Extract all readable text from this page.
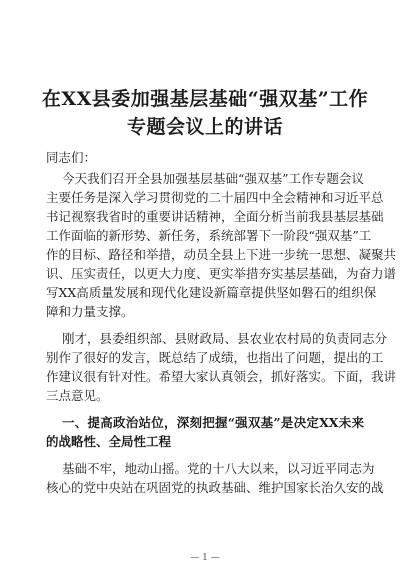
在XX县委加强基层基础“强双基”工作
专题会议上的讲话
同志们：
今天我们召开全县加强基层基础“强双基”工作专题会议
主要任务是深入学习贯彻党的二十届四中全会精神和习近平总
书记视察我省时的重要讲话精神，全面分析当前我县基层基础
工作面临的新形势、新任务，系统部署下一阶段“强双基”工
作的目标、路径和举措，动员全县上下进一步统一思想、凝聚共
识、压实责任，以更大力度、更实举措夯实基层基础，为奋力谱
写XX高质量发展和现代化建设新篇章提供坚如磐石的组织保
障和力量支撑。
刚才，县委组织部、县财政局、县农业农村局的负责同志分
别作了很好的发言，既总结了成绩，也指出了问题，提出的工
作建议很有针对性。希望大家认真领会，抓好落实。下面，我讲
三点意见。
一、提高政治站位，深刻把握“强双基”是决定XX未来
的战略性、全局性工程
基础不牢，地动山摇。党的十八大以来，以习近平同志为
核心的党中央站在巩固党的执政基础、维护国家长治久安的战
— 1 —
